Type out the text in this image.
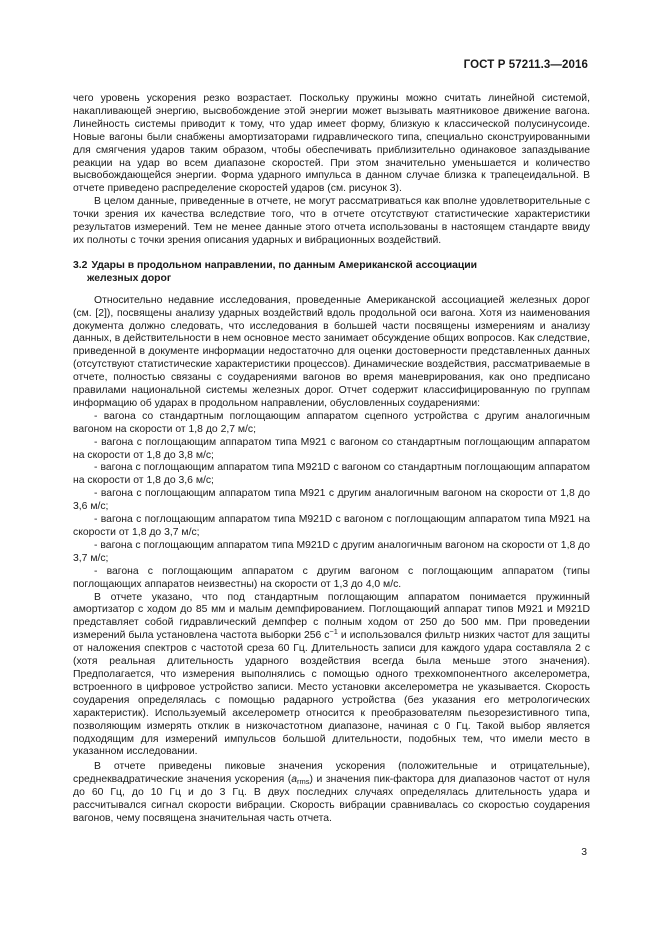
ГОСТ Р 57211.3—2016

чего уровень ускорения резко возрастает. Поскольку пружины можно считать линейной системой, накапливающей энергию, высвобождение этой энергии может вызывать маятниковое движение вагона. Линейность системы приводит к тому, что удар имеет форму, близкую к классической полусинусоиде. Новые вагоны были снабжены амортизаторами гидравлического типа, специально сконструированными для смягчения ударов таким образом, чтобы обеспечивать приблизительно одинаковое запаздывание реакции на удар во всем диапазоне скоростей. При этом значительно уменьшается и количество высвобождающейся энергии. Форма ударного импульса в данном случае близка к трапецеидальной. В отчете приведено распределение скоростей ударов (см. рисунок 3).

В целом данные, приведенные в отчете, не могут рассматриваться как вполне удовлетворительные с точки зрения их качества вследствие того, что в отчете отсутствуют статистические характеристики результатов измерений. Тем не менее данные этого отчета использованы в настоящем стандарте ввиду их полноты с точки зрения описания ударных и вибрационных воздействий.

3.2 Удары в продольном направлении, по данным Американской ассоциации
железных дорог

Относительно недавние исследования, проведенные Американской ассоциацией железных дорог (см. [2]), посвящены анализу ударных воздействий вдоль продольной оси вагона. Хотя из наименования документа должно следовать, что исследования в большей части посвящены измерениям и анализу данных, в действительности в нем основное место занимает обсуждение общих вопросов. Как следствие, приведенной в документе информации недостаточно для оценки достоверности представленных данных (отсутствуют статистические характеристики процессов). Динамические воздействия, рассматриваемые в отчете, полностью связаны с соударениями вагонов во время маневрирования, как оно предписано правилами национальной системы железных дорог. Отчет содержит классифицированную по группам информацию об ударах в продольном направлении, обусловленных соударениями:

- вагона со стандартным поглощающим аппаратом сцепного устройства с другим аналогичным вагоном на скорости от 1,8 до 2,7 м/с;

- вагона с поглощающим аппаратом типа M921 с вагоном со стандартным поглощающим аппаратом на скорости от 1,8 до 3,8 м/с;

- вагона с поглощающим аппаратом типа M921D с вагоном со стандартным поглощающим аппаратом на скорости от 1,8 до 3,6 м/с;

- вагона с поглощающим аппаратом типа M921 с другим аналогичным вагоном на скорости от 1,8 до 3,6 м/с;

- вагона с поглощающим аппаратом типа M921D с вагоном с поглощающим аппаратом типа M921 на скорости от 1,8 до 3,7 м/с;

- вагона с поглощающим аппаратом типа M921D с другим аналогичным вагоном на скорости от 1,8 до 3,7 м/с;

- вагона с поглощающим аппаратом с другим вагоном с поглощающим аппаратом (типы поглощающих аппаратов неизвестны) на скорости от 1,3 до 4,0 м/с.

В отчете указано, что под стандартным поглощающим аппаратом понимается пружинный амортизатор с ходом до 85 мм и малым демпфированием. Поглощающий аппарат типов M921 и M921D представляет собой гидравлический демпфер с полным ходом от 250 до 500 мм. При проведении измерений была установлена частота выборки 256 $с^{-1}$ и использовался фильтр низких частот для защиты от наложения спектров с частотой среза 60 Гц. Длительность записи для каждого удара составляла 2 с (хотя реальная длительность ударного воздействия всегда была меньше этого значения). Предполагается, что измерения выполнялись с помощью одного трехкомпонентного акселерометра, встроенного в цифровое устройство записи. Место установки акселерометра не указывается. Скорость соударения определялась с помощью радарного устройства (без указания его метрологических характеристик). Используемый акселерометр относится к преобразователям пьезорезистивного типа, позволяющим измерять отклик в низкочастотном диапазоне, начиная с 0 Гц. Такой выбор является подходящим для измерений импульсов большой длительности, подобных тем, что имели место в указанном исследовании.

В отчете приведены пиковые значения ускорения (положительные и отрицательные), среднеквадратические значения ускорения $(a_{rms})$ и значения пик-фактора для диапазонов частот от нуля до 60 Гц, до 10 Гц и до 3 Гц. В двух последних случаях определялась длительность удара и рассчитывался сигнал скорости вибрации. Скорость вибрации сравнивалась со скоростью соударения вагонов, чему посвящена значительная часть отчета.

3
